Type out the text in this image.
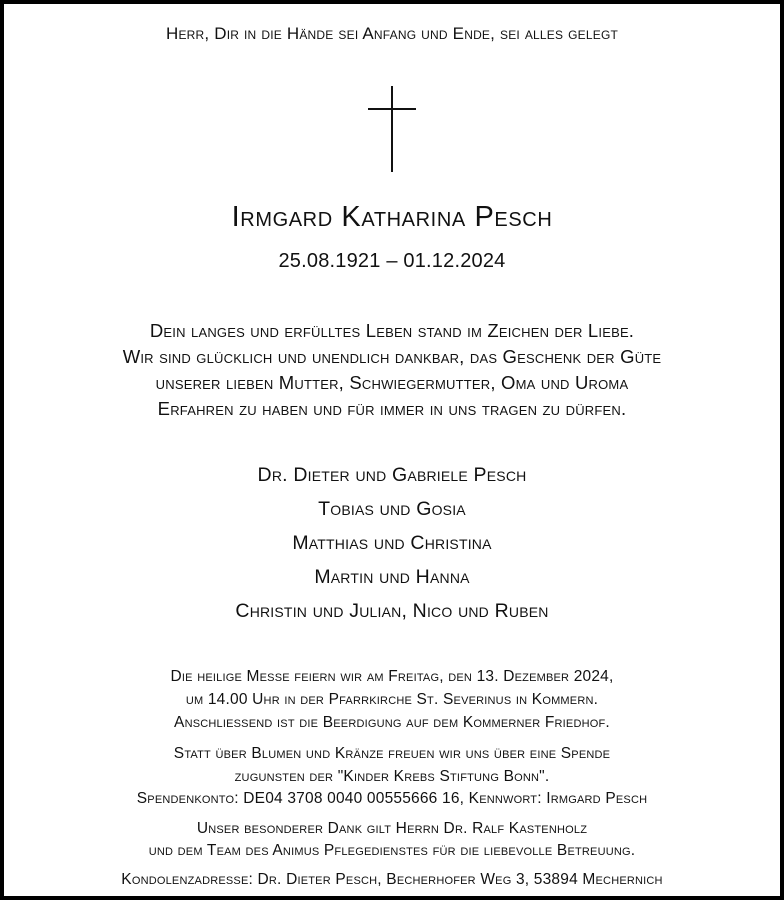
Herr, Dir in die Hände sei Anfang und Ende, sei alles gelegt
Irmgard Katharina Pesch
25.08.1921 – 01.12.2024
Dein langes und erfülltes Leben stand im Zeichen der Liebe.
Wir sind glücklich und unendlich dankbar, das Geschenk der Güte
unserer lieben Mutter, Schwiegermutter, Oma und Uroma
Erfahren zu haben und für immer in uns tragen zu dürfen.
Dr. Dieter und Gabriele Pesch
Tobias und Gosia
Matthias und Christina
Martin und Hanna
Christin und Julian, Nico und Ruben
Die heilige Messe feiern wir am Freitag, den 13. Dezember 2024,
um 14.00 Uhr in der Pfarrkirche St. Severinus in Kommern.
Anschliessend ist die Beerdigung auf dem Kommerner Friedhof.
Statt über Blumen und Kränze freuen wir uns über eine Spende
zugunsten der "Kinder Krebs Stiftung Bonn".
Spendenkonto: DE04 3708 0040 00555666 16, Kennwort: Irmgard Pesch
Unser besonderer Dank gilt Herrn Dr. Ralf Kastenholz
und dem Team des Animus Pflegedienstes für die liebevolle Betreuung.
Kondolenzadresse: Dr. Dieter Pesch, Becherhofer Weg 3, 53894 Mechernich
